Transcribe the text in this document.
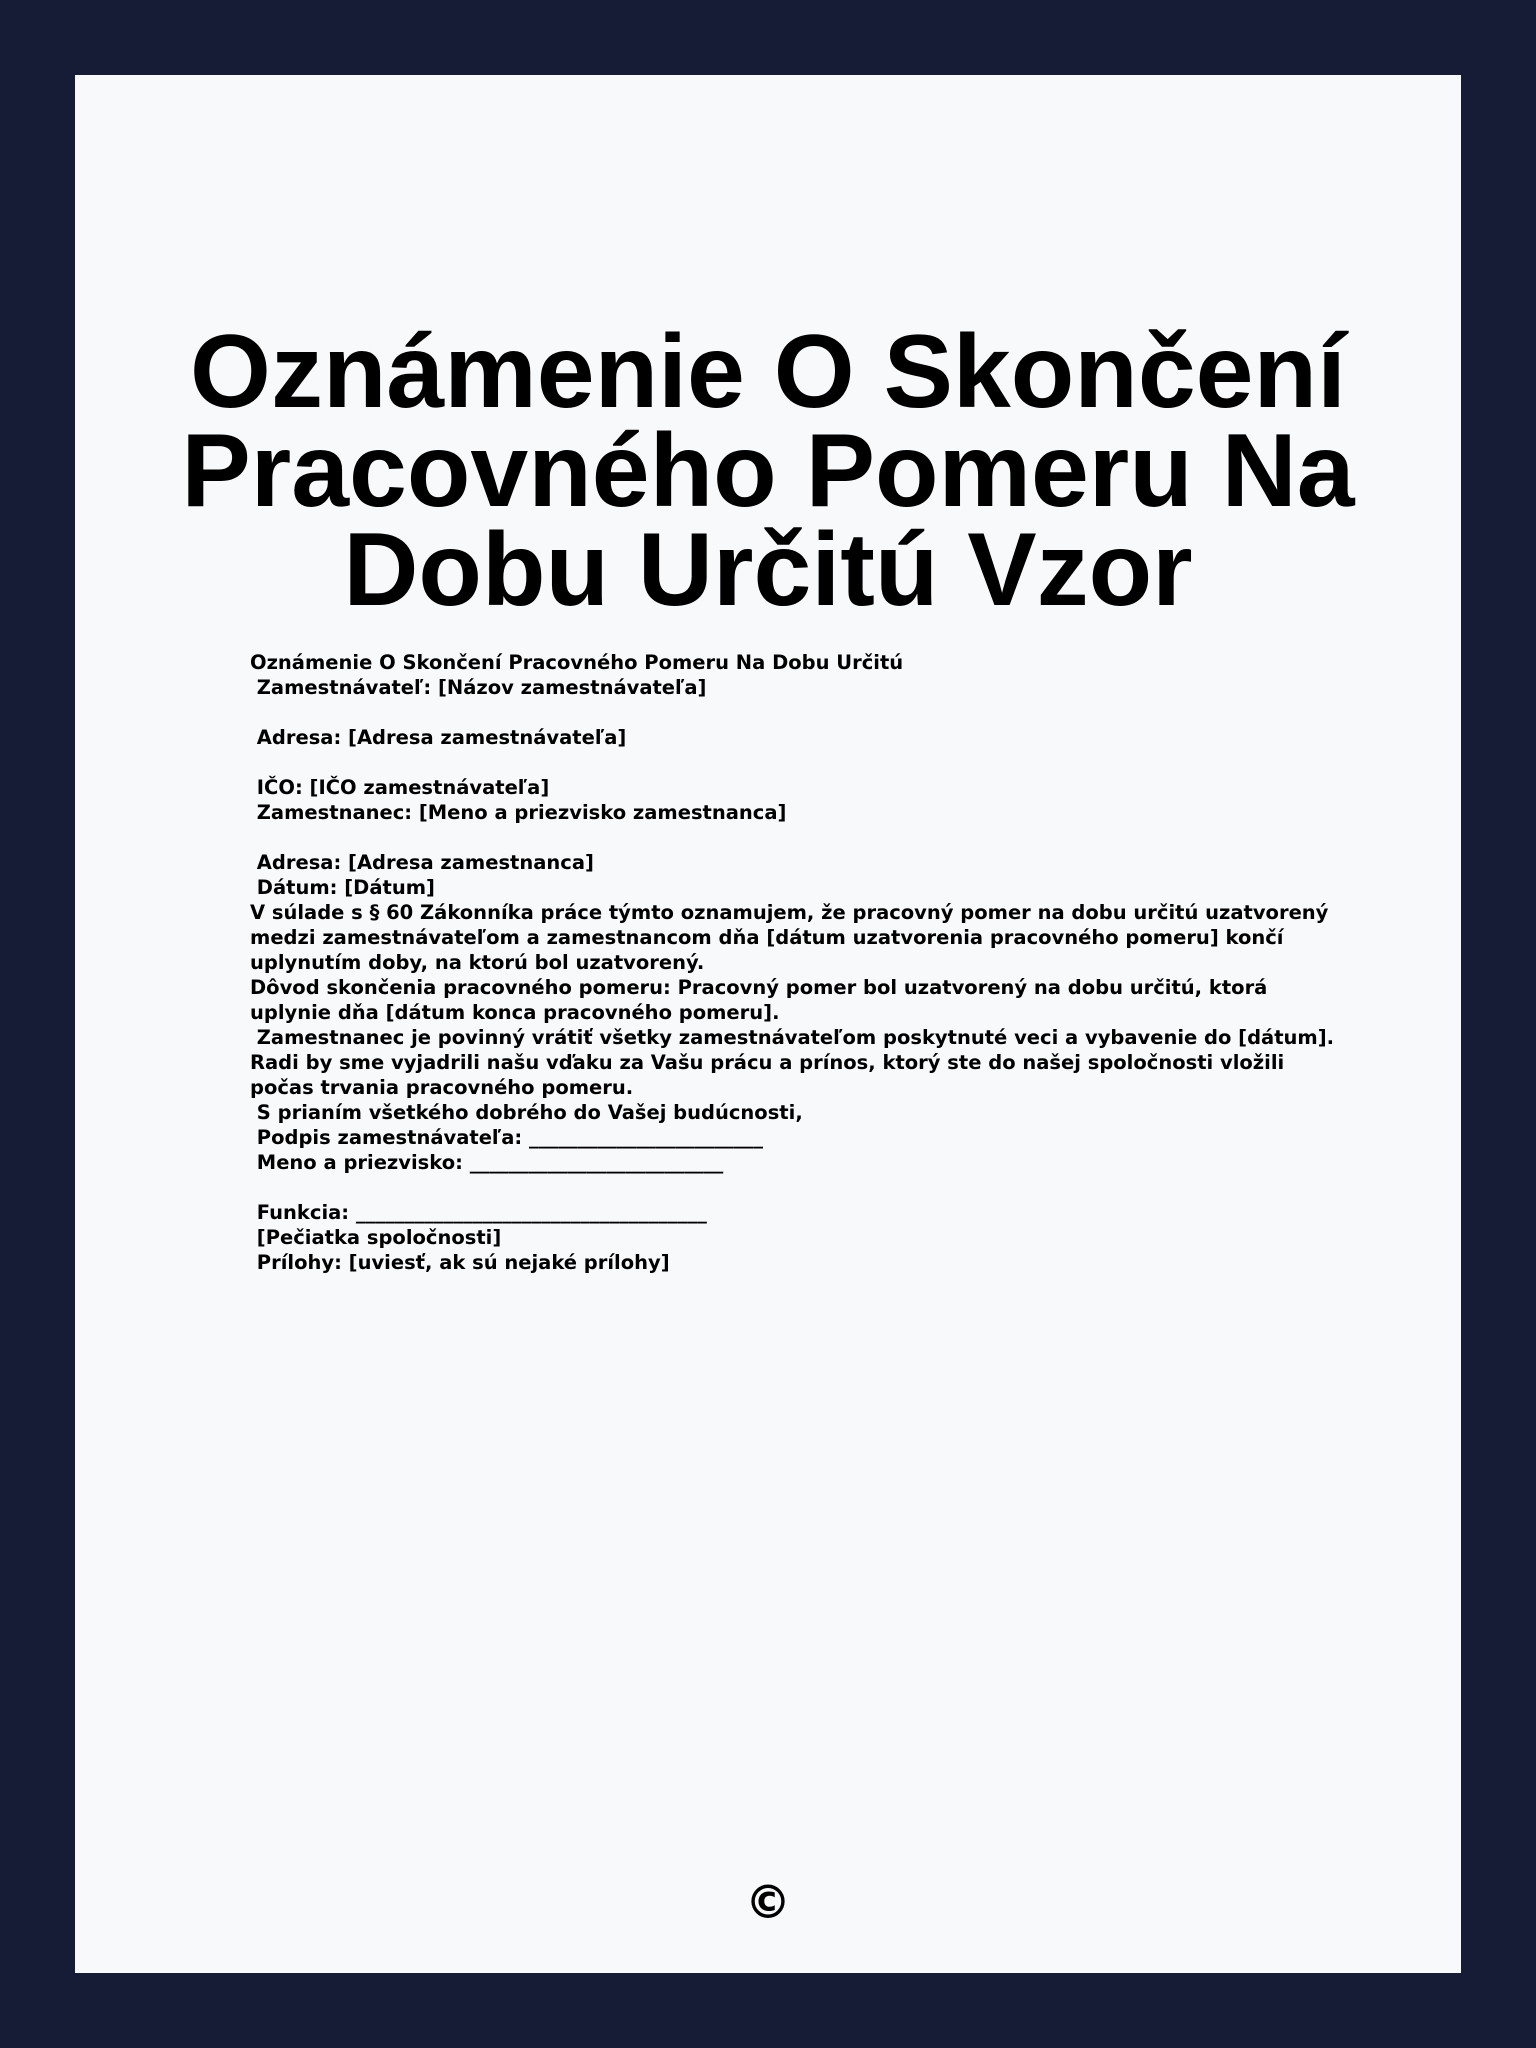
Oznámenie O Skončení Pracovného Pomeru Na Dobu Určitú Vzor
Oznámenie O Skončení Pracovného Pomeru Na Dobu Určitú
Zamestnávateľ: [Názov zamestnávateľa]
Adresa: [Adresa zamestnávateľa]
IČO: [IČO zamestnávateľa]
Zamestnanec: [Meno a priezvisko zamestnanca]
Adresa: [Adresa zamestnanca]
Dátum: [Dátum]
V súlade s § 60 Zákonníka práce týmto oznamujem, že pracovný pomer na dobu určitú uzatvorený medzi zamestnávateľom a zamestnancom dňa [dátum uzatvorenia pracovného pomeru] končí uplynutím doby, na ktorú bol uzatvorený.
Dôvod skončenia pracovného pomeru: Pracovný pomer bol uzatvorený na dobu určitú, ktorá uplynie dňa [dátum konca pracovného pomeru].
Zamestnanec je povinný vrátiť všetky zamestnávateľom poskytnuté veci a vybavenie do [dátum].
Radi by sme vyjadrili našu vďaku za Vašu prácu a prínos, ktorý ste do našej spoločnosti vložili počas trvania pracovného pomeru.
S prianím všetkého dobrého do Vašej budúcnosti,
Podpis zamestnávateľa: ________________________
Meno a priezvisko: __________________________
Funkcia: ____________________________________
[Pečiatka spoločnosti]
Prílohy: [uviesť, ak sú nejaké prílohy]
©
